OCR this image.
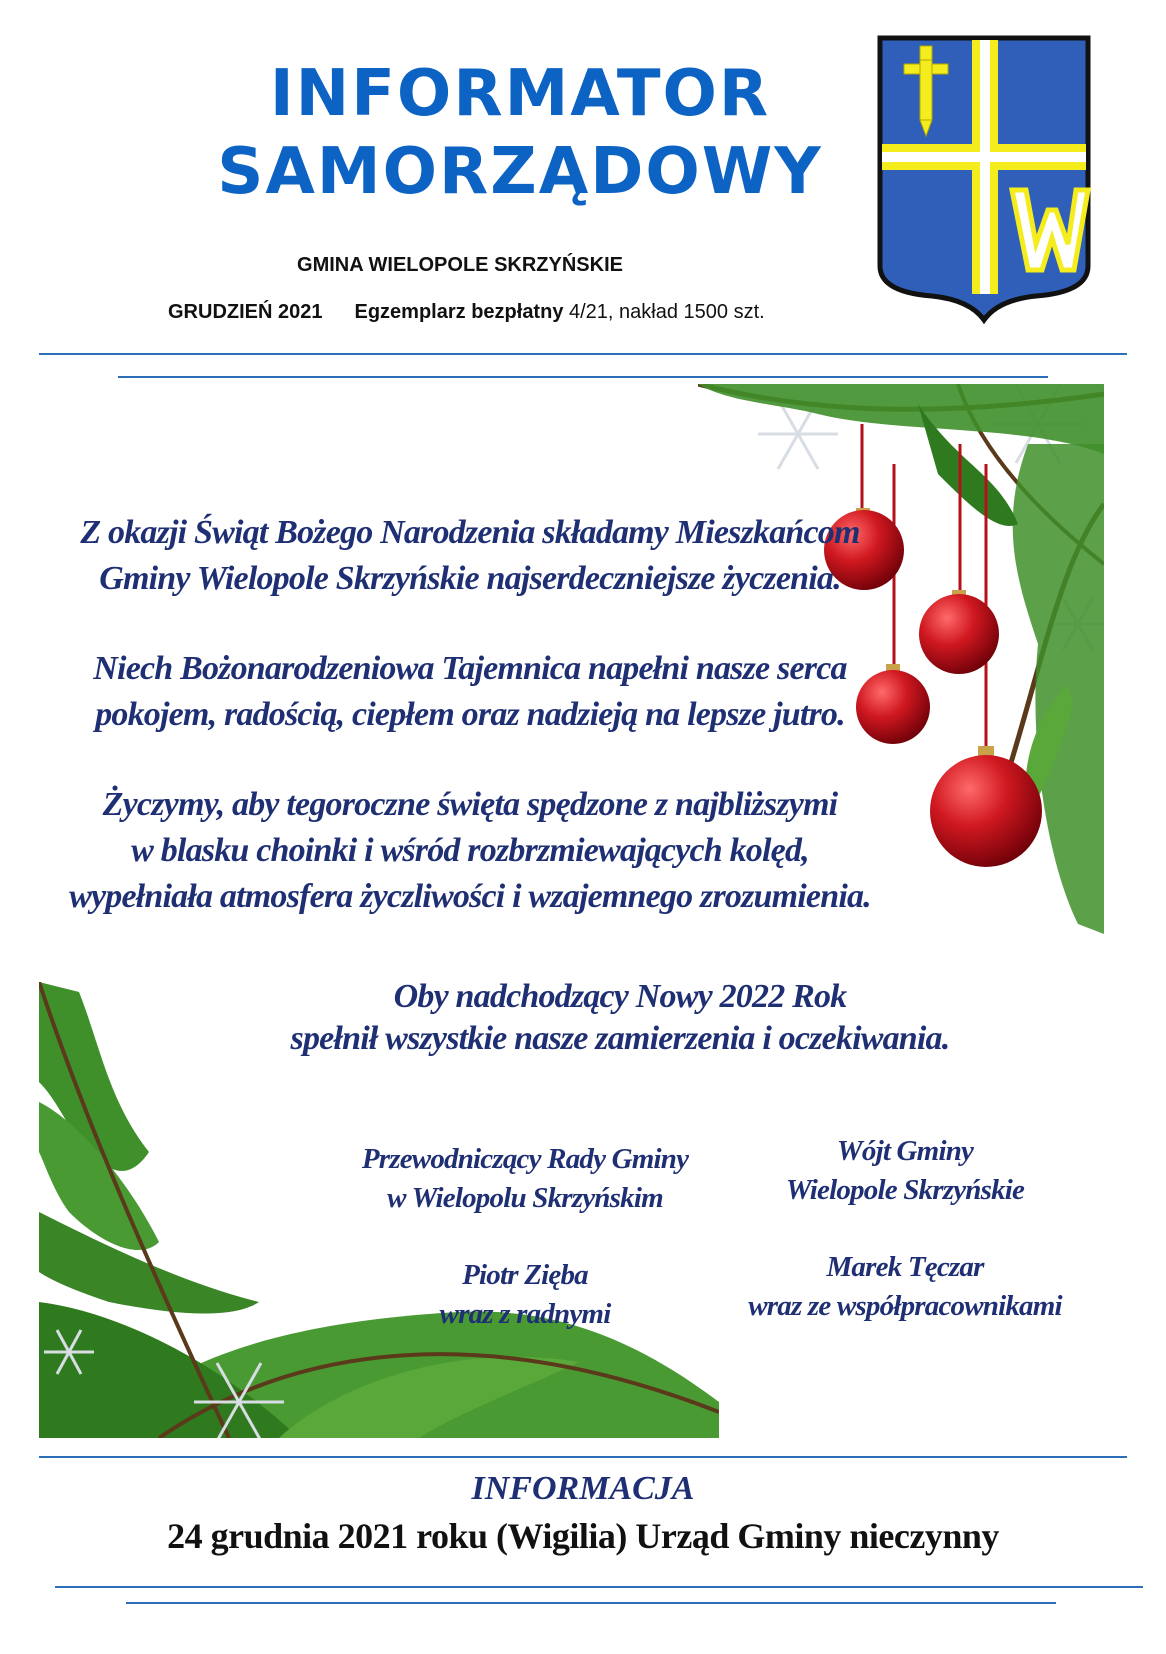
INFORMATOR
SAMORZĄDOWY
GMINA WIELOPOLE SKRZYŃSKIE
GRUDZIEŃ 2021 Egzemplarz bezpłatny 4/21, nakład 1500 szt.
Z okazji Świąt Bożego Narodzenia składamy Mieszkańcom
Gminy Wielopole Skrzyńskie najserdeczniejsze życzenia.
Niech Bożonarodzeniowa Tajemnica napełni nasze serca
pokojem, radością, ciepłem oraz nadzieją na lepsze jutro.
Życzymy, aby tegoroczne święta spędzone z najbliższymi
w blasku choinki i wśród rozbrzmiewających kolęd,
wypełniała atmosfera życzliwości i wzajemnego zrozumienia.
Oby nadchodzący Nowy 2022 Rok
spełnił wszystkie nasze zamierzenia i oczekiwania.
Przewodniczący Rady Gminy
w Wielopolu Skrzyńskim
Piotr Zięba
wraz z radnymi
Wójt Gminy
Wielopole Skrzyńskie
Marek Tęczar
wraz ze współpracownikami
INFORMACJA
24 grudnia 2021 roku (Wigilia) Urząd Gminy nieczynny
